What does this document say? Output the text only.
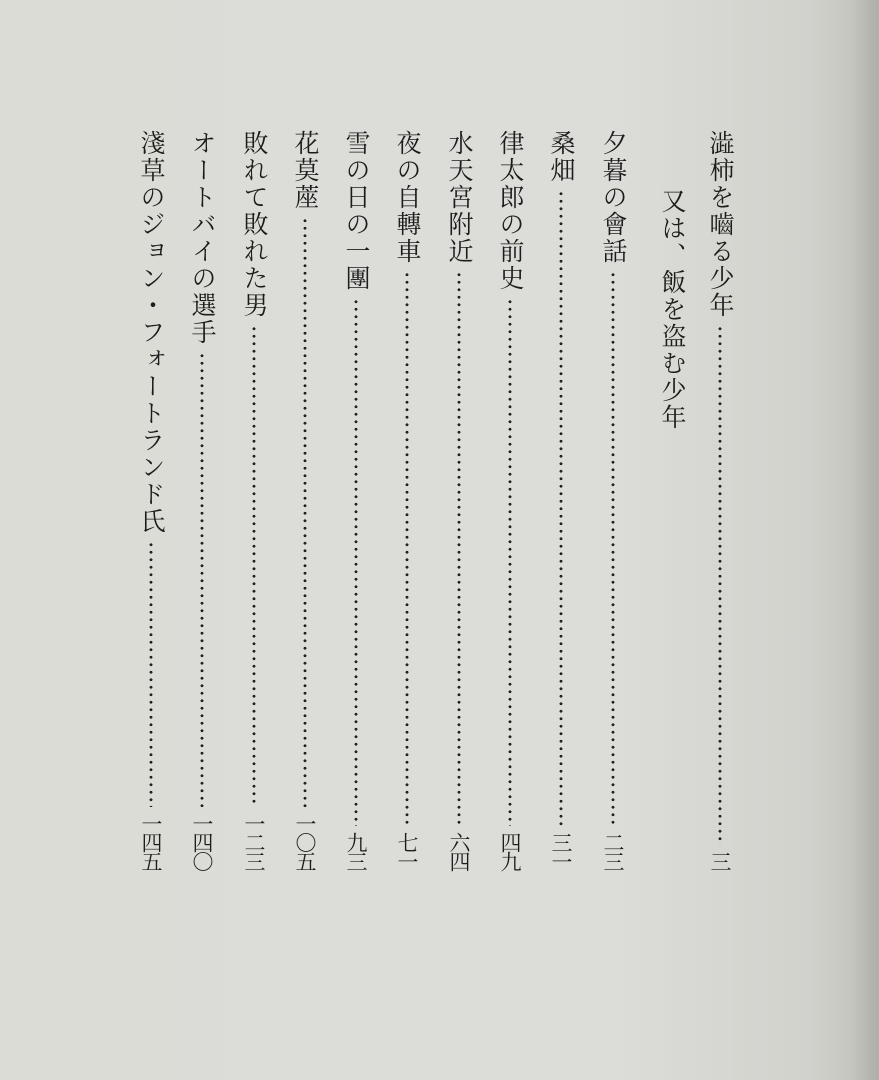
澁柿を嚙る少年
三
又は、飯を盗む少年
夕暮の會話
二三
桑畑
三一
律太郎の前史
四九
水天宮附近
六四
夜の自轉車
七一
雪の日の一團
九三
花莫蓙
一〇五
敗れて敗れた男
一二三
オートバイの選手
一四〇
淺草のジョン・フォートランド氏
一四五
